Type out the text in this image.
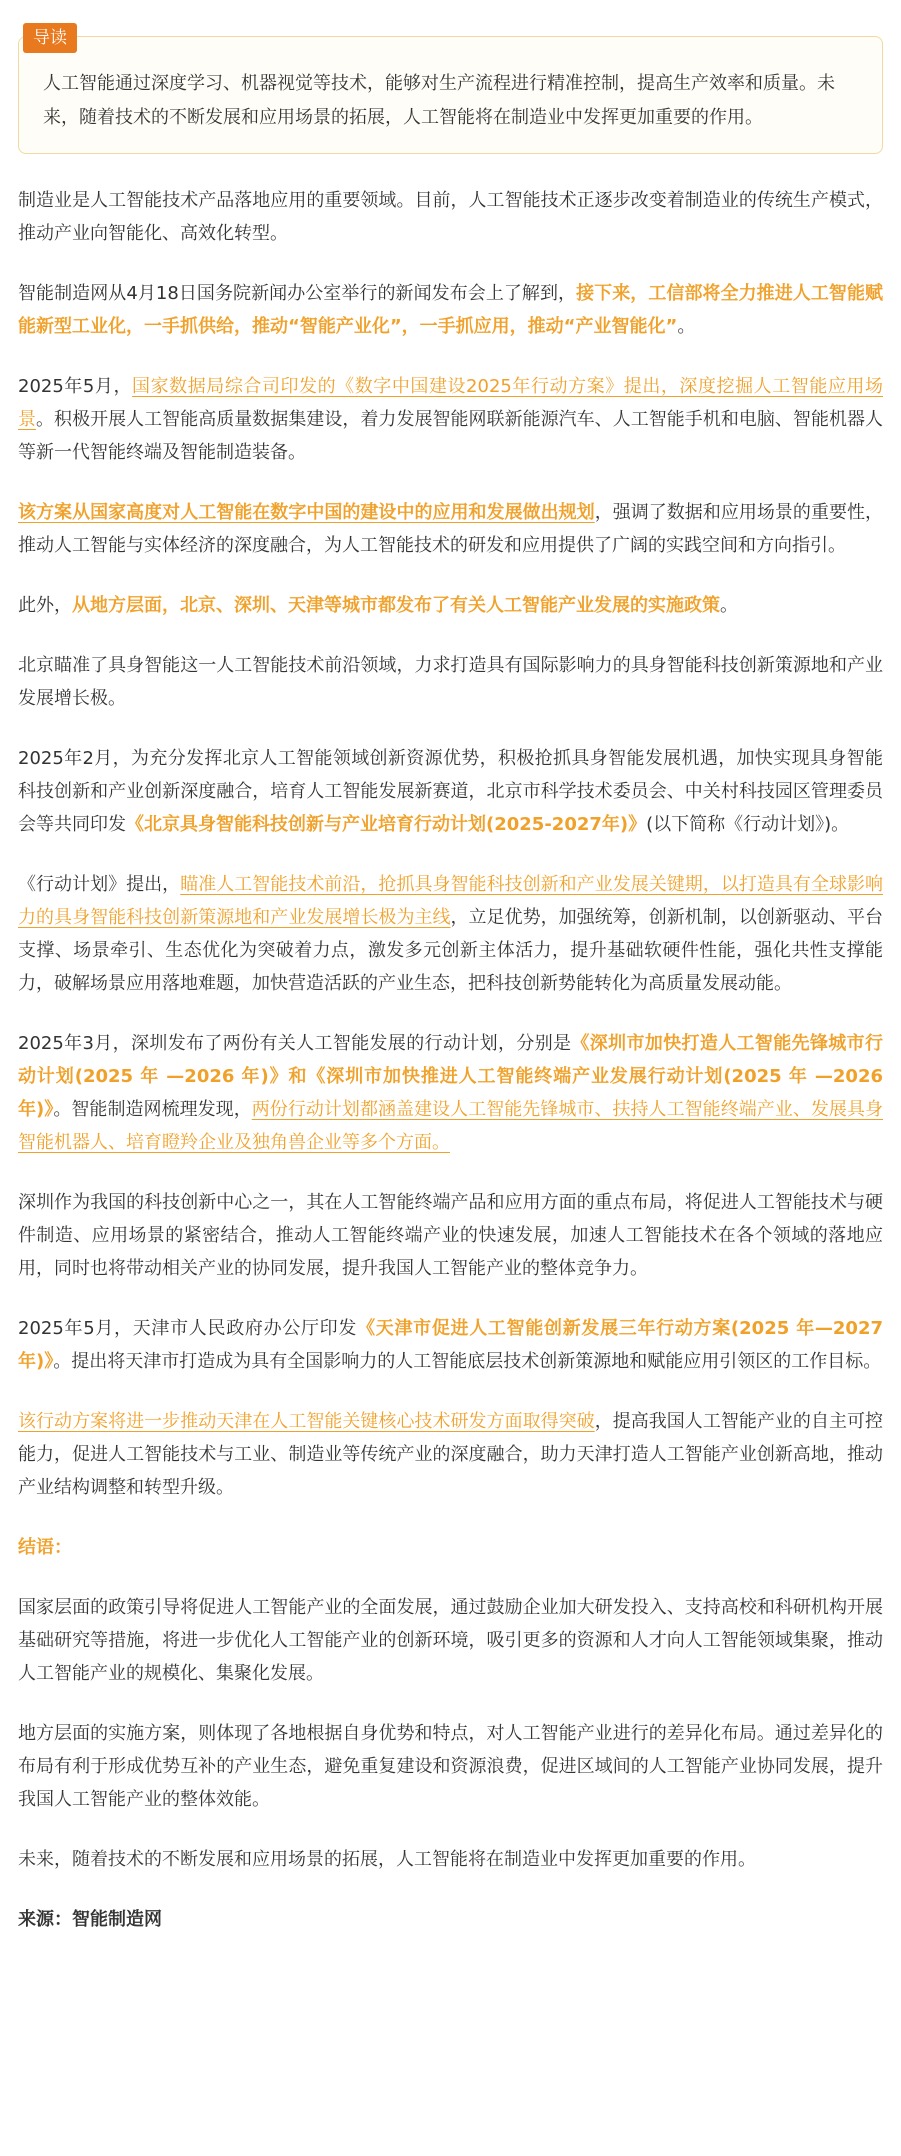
导读

人工智能通过深度学习、机器视觉等技术，能够对生产流程进行精准控制，提高生产效率和质量。未来，随着技术的不断发展和应用场景的拓展，人工智能将在制造业中发挥更加重要的作用。

制造业是人工智能技术产品落地应用的重要领域。目前，人工智能技术正逐步改变着制造业的传统生产模式，推动产业向智能化、高效化转型。

智能制造网从4月18日国务院新闻办公室举行的新闻发布会上了解到，接下来，工信部将全力推进人工智能赋能新型工业化，一手抓供给，推动“智能产业化”，一手抓应用，推动“产业智能化”。

2025年5月，国家数据局综合司印发的《数字中国建设2025年行动方案》提出，深度挖掘人工智能应用场景。积极开展人工智能高质量数据集建设，着力发展智能网联新能源汽车、人工智能手机和电脑、智能机器人等新一代智能终端及智能制造装备。

该方案从国家高度对人工智能在数字中国的建设中的应用和发展做出规划，强调了数据和应用场景的重要性，推动人工智能与实体经济的深度融合，为人工智能技术的研发和应用提供了广阔的实践空间和方向指引。

此外，从地方层面，北京、深圳、天津等城市都发布了有关人工智能产业发展的实施政策。

北京瞄准了具身智能这一人工智能技术前沿领域，力求打造具有国际影响力的具身智能科技创新策源地和产业发展增长极。

2025年2月，为充分发挥北京人工智能领域创新资源优势，积极抢抓具身智能发展机遇，加快实现具身智能科技创新和产业创新深度融合，培育人工智能发展新赛道，北京市科学技术委员会、中关村科技园区管理委员会等共同印发《北京具身智能科技创新与产业培育行动计划(2025-2027年)》(以下简称《行动计划》)。

《行动计划》提出，瞄准人工智能技术前沿，抢抓具身智能科技创新和产业发展关键期，以打造具有全球影响力的具身智能科技创新策源地和产业发展增长极为主线，立足优势，加强统筹，创新机制，以创新驱动、平台支撑、场景牵引、生态优化为突破着力点，激发多元创新主体活力，提升基础软硬件性能，强化共性支撑能力，破解场景应用落地难题，加快营造活跃的产业生态，把科技创新势能转化为高质量发展动能。

2025年3月，深圳发布了两份有关人工智能发展的行动计划，分别是《深圳市加快打造人工智能先锋城市行动计划(2025 年 —2026 年)》和《深圳市加快推进人工智能终端产业发展行动计划(2025 年 —2026 年)》。智能制造网梳理发现，两份行动计划都涵盖建设人工智能先锋城市、扶持人工智能终端产业、发展具身智能机器人、培育瞪羚企业及独角兽企业等多个方面。

深圳作为我国的科技创新中心之一，其在人工智能终端产品和应用方面的重点布局，将促进人工智能技术与硬件制造、应用场景的紧密结合，推动人工智能终端产业的快速发展，加速人工智能技术在各个领域的落地应用，同时也将带动相关产业的协同发展，提升我国人工智能产业的整体竞争力。

2025年5月，天津市人民政府办公厅印发《天津市促进人工智能创新发展三年行动方案(2025 年—2027 年)》。提出将天津市打造成为具有全国影响力的人工智能底层技术创新策源地和赋能应用引领区的工作目标。

该行动方案将进一步推动天津在人工智能关键核心技术研发方面取得突破，提高我国人工智能产业的自主可控能力，促进人工智能技术与工业、制造业等传统产业的深度融合，助力天津打造人工智能产业创新高地，推动产业结构调整和转型升级。

结语：

国家层面的政策引导将促进人工智能产业的全面发展，通过鼓励企业加大研发投入、支持高校和科研机构开展基础研究等措施，将进一步优化人工智能产业的创新环境，吸引更多的资源和人才向人工智能领域集聚，推动人工智能产业的规模化、集聚化发展。

地方层面的实施方案，则体现了各地根据自身优势和特点，对人工智能产业进行的差异化布局。通过差异化的布局有利于形成优势互补的产业生态，避免重复建设和资源浪费，促进区域间的人工智能产业协同发展，提升我国人工智能产业的整体效能。

未来，随着技术的不断发展和应用场景的拓展，人工智能将在制造业中发挥更加重要的作用。

来源：智能制造网
